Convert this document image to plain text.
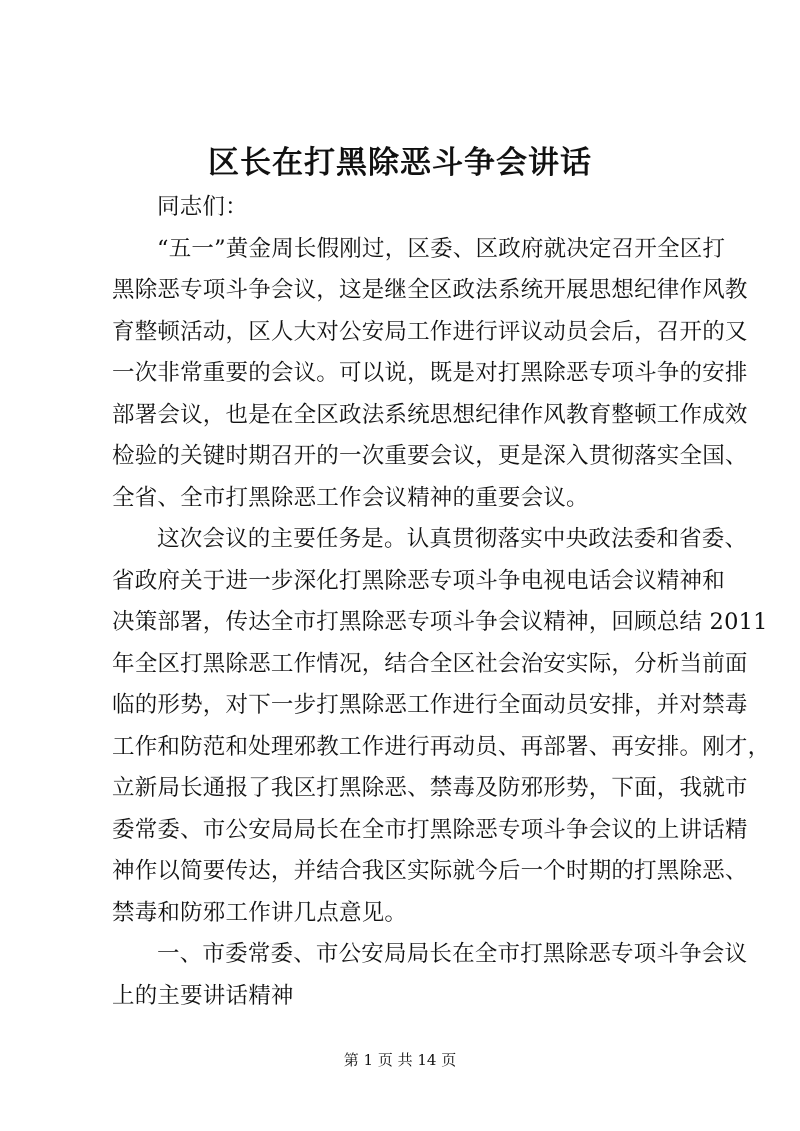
区长在打黑除恶斗争会讲话

同志们：

“五一”黄金周长假刚过，区委、区政府就决定召开全区打
黑除恶专项斗争会议，这是继全区政法系统开展思想纪律作风教
育整顿活动，区人大对公安局工作进行评议动员会后，召开的又
一次非常重要的会议。可以说，既是对打黑除恶专项斗争的安排
部署会议，也是在全区政法系统思想纪律作风教育整顿工作成效
检验的关键时期召开的一次重要会议，更是深入贯彻落实全国、
全省、全市打黑除恶工作会议精神的重要会议。

这次会议的主要任务是。认真贯彻落实中央政法委和省委、
省政府关于进一步深化打黑除恶专项斗争电视电话会议精神和
决策部署，传达全市打黑除恶专项斗争会议精神，回顾总结 2011
年全区打黑除恶工作情况，结合全区社会治安实际，分析当前面
临的形势，对下一步打黑除恶工作进行全面动员安排，并对禁毒
工作和防范和处理邪教工作进行再动员、再部署、再安排。刚才，
立新局长通报了我区打黑除恶、禁毒及防邪形势，下面，我就市
委常委、市公安局局长在全市打黑除恶专项斗争会议的上讲话精
神作以简要传达，并结合我区实际就今后一个时期的打黑除恶、
禁毒和防邪工作讲几点意见。

一、市委常委、市公安局局长在全市打黑除恶专项斗争会议
上的主要讲话精神

第 1 页 共 14 页
